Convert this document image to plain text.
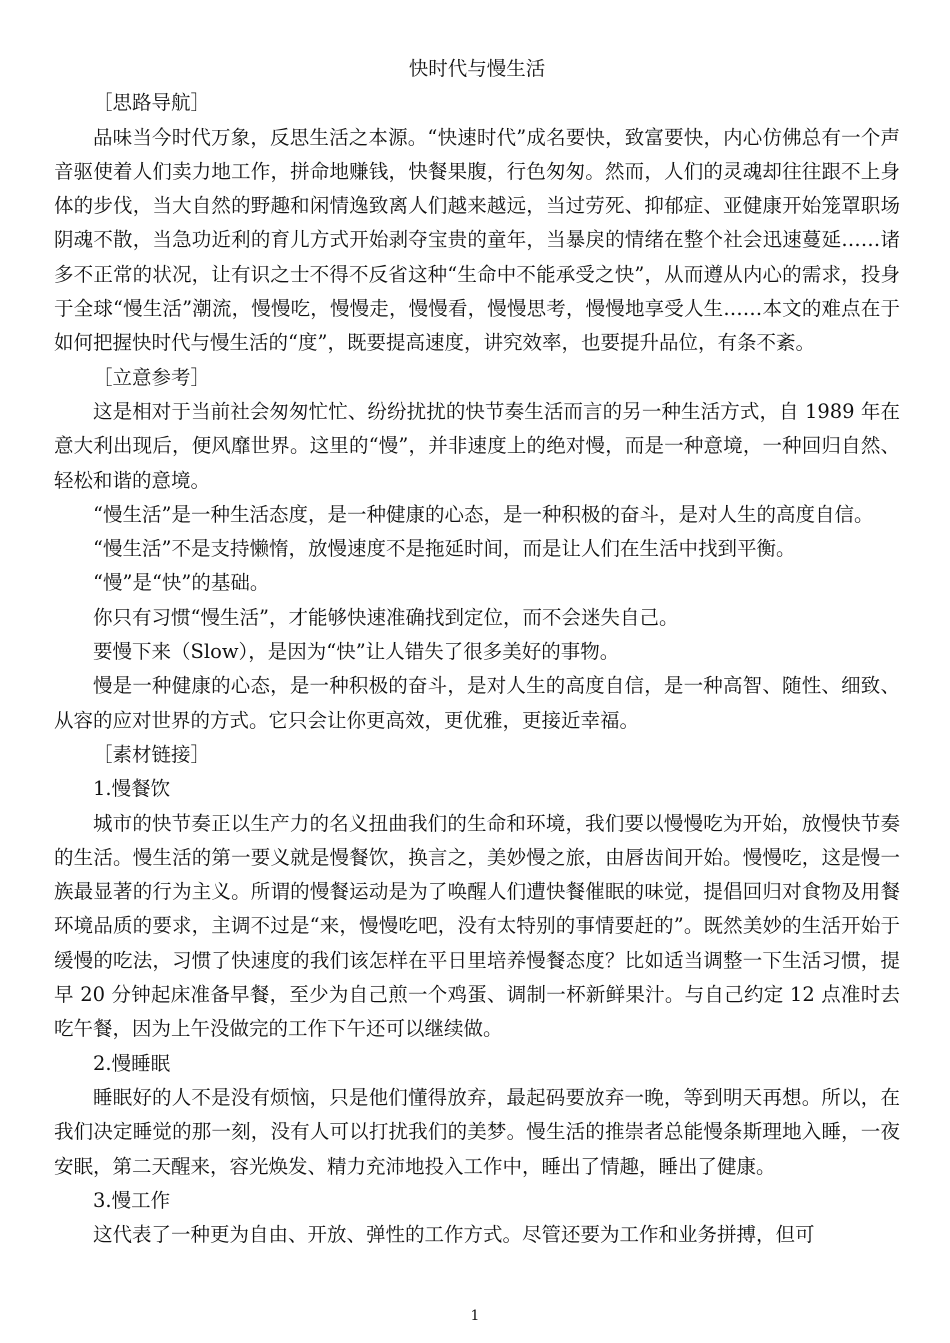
快时代与慢生活

［思路导航］

品味当今时代万象，反思生活之本源。“快速时代”成名要快，致富要快，内心仿佛总有一个声音驱使着人们卖力地工作，拼命地赚钱，快餐果腹，行色匆匆。然而，人们的灵魂却往往跟不上身体的步伐，当大自然的野趣和闲情逸致离人们越来越远，当过劳死、抑郁症、亚健康开始笼罩职场阴魂不散，当急功近利的育儿方式开始剥夺宝贵的童年，当暴戾的情绪在整个社会迅速蔓延……诸多不正常的状况，让有识之士不得不反省这种“生命中不能承受之快”，从而遵从内心的需求，投身于全球“慢生活”潮流，慢慢吃，慢慢走，慢慢看，慢慢思考，慢慢地享受人生……本文的难点在于如何把握快时代与慢生活的“度”，既要提高速度，讲究效率，也要提升品位，有条不紊。

［立意参考］

这是相对于当前社会匆匆忙忙、纷纷扰扰的快节奏生活而言的另一种生活方式，自 1989 年在意大利出现后，便风靡世界。这里的“慢”，并非速度上的绝对慢，而是一种意境，一种回归自然、轻松和谐的意境。

“慢生活”是一种生活态度，是一种健康的心态，是一种积极的奋斗，是对人生的高度自信。

“慢生活”不是支持懒惰，放慢速度不是拖延时间，而是让人们在生活中找到平衡。

“慢”是“快”的基础。

你只有习惯“慢生活”，才能够快速准确找到定位，而不会迷失自己。

要慢下来（Slow），是因为“快”让人错失了很多美好的事物。

慢是一种健康的心态，是一种积极的奋斗，是对人生的高度自信，是一种高智、随性、细致、从容的应对世界的方式。它只会让你更高效，更优雅，更接近幸福。

［素材链接］

1.慢餐饮

城市的快节奏正以生产力的名义扭曲我们的生命和环境，我们要以慢慢吃为开始，放慢快节奏的生活。慢生活的第一要义就是慢餐饮，换言之，美妙慢之旅，由唇齿间开始。慢慢吃，这是慢一族最显著的行为主义。所谓的慢餐运动是为了唤醒人们遭快餐催眠的味觉，提倡回归对食物及用餐环境品质的要求，主调不过是“来，慢慢吃吧，没有太特别的事情要赶的”。既然美妙的生活开始于缓慢的吃法，习惯了快速度的我们该怎样在平日里培养慢餐态度？比如适当调整一下生活习惯，提早 20 分钟起床准备早餐，至少为自己煎一个鸡蛋、调制一杯新鲜果汁。与自己约定 12 点准时去吃午餐，因为上午没做完的工作下午还可以继续做。

2.慢睡眠

睡眠好的人不是没有烦恼，只是他们懂得放弃，最起码要放弃一晚，等到明天再想。所以，在我们决定睡觉的那一刻，没有人可以打扰我们的美梦。慢生活的推崇者总能慢条斯理地入睡，一夜安眠，第二天醒来，容光焕发、精力充沛地投入工作中，睡出了情趣，睡出了健康。

3.慢工作

这代表了一种更为自由、开放、弹性的工作方式。尽管还要为工作和业务拼搏，但可

1
